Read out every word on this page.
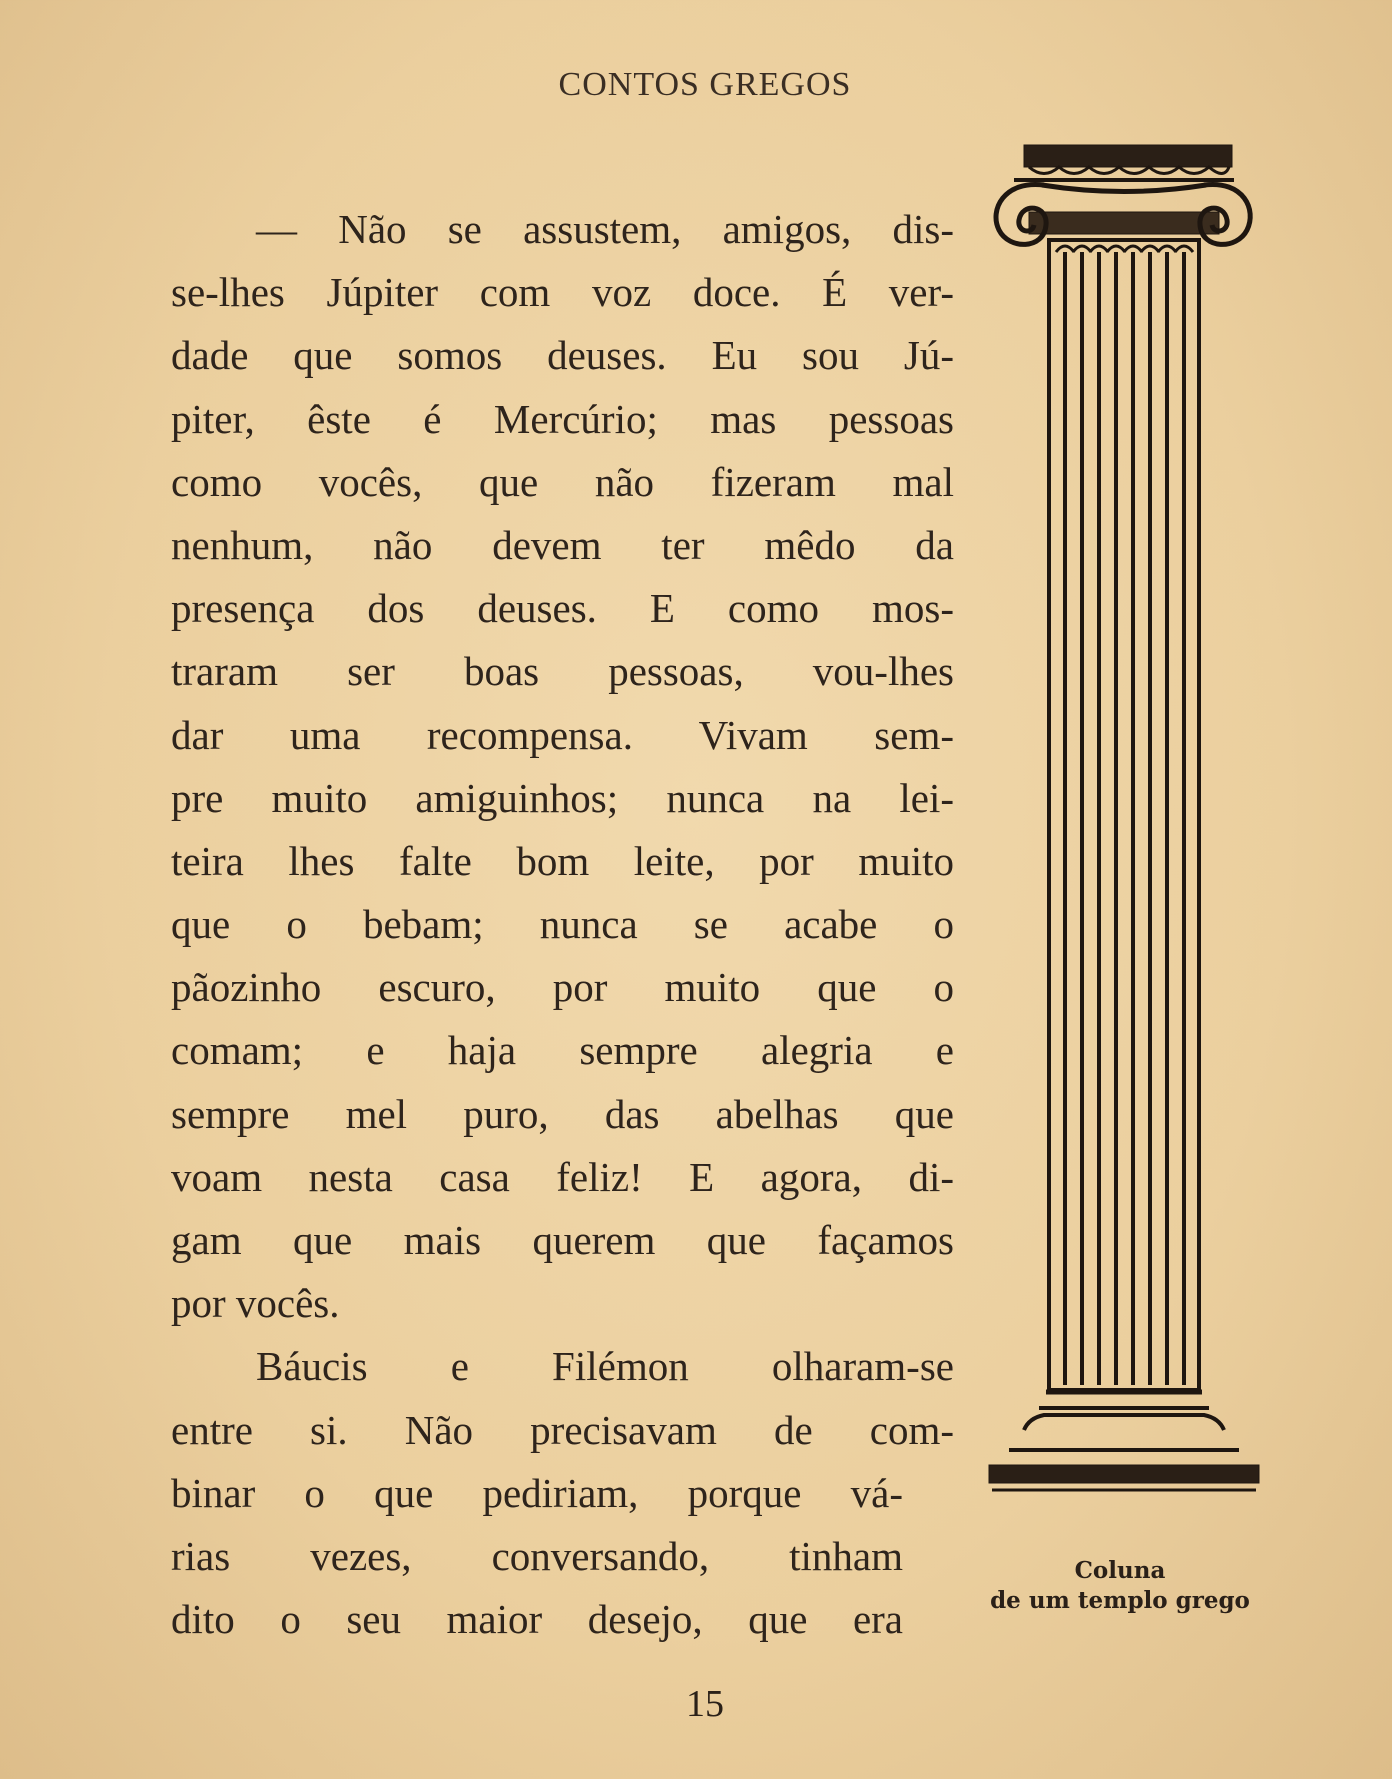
CONTOS GREGOS
— Não se assustem, amigos, dis-
se-lhes Júpiter com voz doce. É ver-
dade que somos deuses. Eu sou Jú-
piter, êste é Mercúrio; mas pessoas
como vocês, que não fizeram mal
nenhum, não devem ter mêdo da
presença dos deuses. E como mos-
traram ser boas pessoas, vou-lhes
dar uma recompensa. Vivam sem-
pre muito amiguinhos; nunca na lei-
teira lhes falte bom leite, por muito
que o bebam; nunca se acabe o
pãozinho escuro, por muito que o
comam; e haja sempre alegria e
sempre mel puro, das abelhas que
voam nesta casa feliz! E agora, di-
gam que mais querem que façamos
por vocês.
Báucis e Filémon olharam-se
entre si. Não precisavam de com-
binar o que pediriam, porque vá-
rias vezes, conversando, tinham
dito o seu maior desejo, que era
Coluna
de um templo grego
15
